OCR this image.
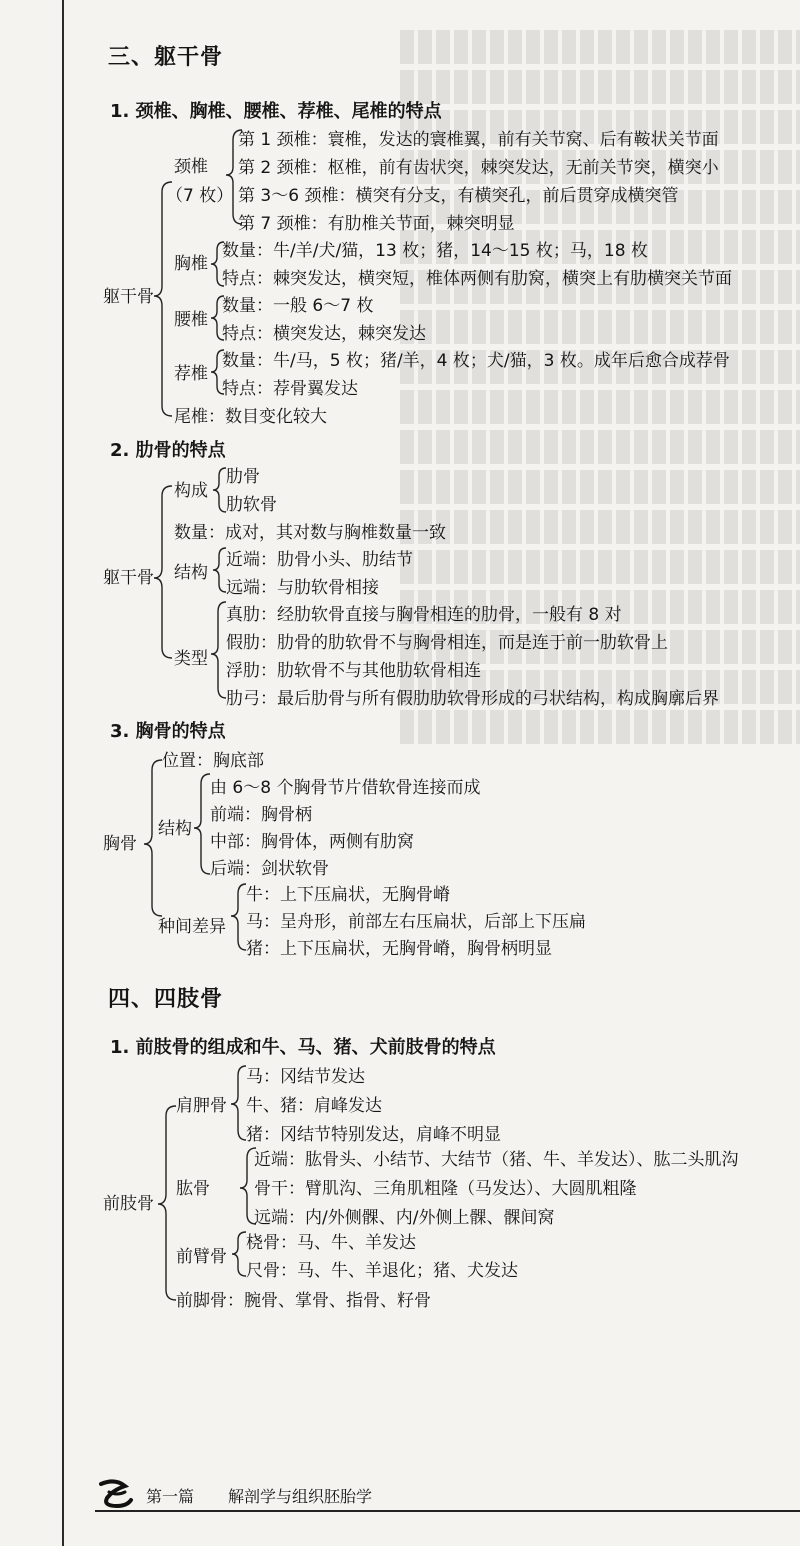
三、躯干骨
1. 颈椎、胸椎、腰椎、荐椎、尾椎的特点
躯干骨
颈椎
（7 枚）
第 1 颈椎：寰椎，发达的寰椎翼，前有关节窝、后有鞍状关节面
第 2 颈椎：枢椎，前有齿状突，棘突发达，无前关节突，横突小
第 3～6 颈椎：横突有分支，有横突孔，前后贯穿成横突管
第 7 颈椎：有肋椎关节面，棘突明显
胸椎
数量：牛/羊/犬/猫，13 枚；猪，14～15 枚；马，18 枚
特点：棘突发达，横突短，椎体两侧有肋窝，横突上有肋横突关节面
腰椎
数量：一般 6～7 枚
特点：横突发达，棘突发达
荐椎
数量：牛/马，5 枚；猪/羊，4 枚；犬/猫，3 枚。成年后愈合成荐骨
特点：荐骨翼发达
尾椎：数目变化较大
2. 肋骨的特点
躯干骨
构成
肋骨
肋软骨
数量：成对，其对数与胸椎数量一致
结构
近端：肋骨小头、肋结节
远端：与肋软骨相接
类型
真肋：经肋软骨直接与胸骨相连的肋骨，一般有 8 对
假肋：肋骨的肋软骨不与胸骨相连，而是连于前一肋软骨上
浮肋：肋软骨不与其他肋软骨相连
肋弓：最后肋骨与所有假肋肋软骨形成的弓状结构，构成胸廓后界
3. 胸骨的特点
胸骨
位置：胸底部
结构
由 6～8 个胸骨节片借软骨连接而成
前端：胸骨柄
中部：胸骨体，两侧有肋窝
后端：剑状软骨
种间差异
牛：上下压扁状，无胸骨嵴
马：呈舟形，前部左右压扁状，后部上下压扁
猪：上下压扁状，无胸骨嵴，胸骨柄明显
四、四肢骨
1. 前肢骨的组成和牛、马、猪、犬前肢骨的特点
前肢骨
肩胛骨
马：冈结节发达
牛、猪：肩峰发达
猪：冈结节特别发达，肩峰不明显
肱骨
近端：肱骨头、小结节、大结节（猪、牛、羊发达）、肱二头肌沟
骨干：臂肌沟、三角肌粗隆（马发达）、大圆肌粗隆
远端：内/外侧髁、内/外侧上髁、髁间窝
前臂骨
桡骨：马、牛、羊发达
尺骨：马、牛、羊退化；猪、犬发达
前脚骨：腕骨、掌骨、指骨、籽骨
第一篇 解剖学与组织胚胎学
